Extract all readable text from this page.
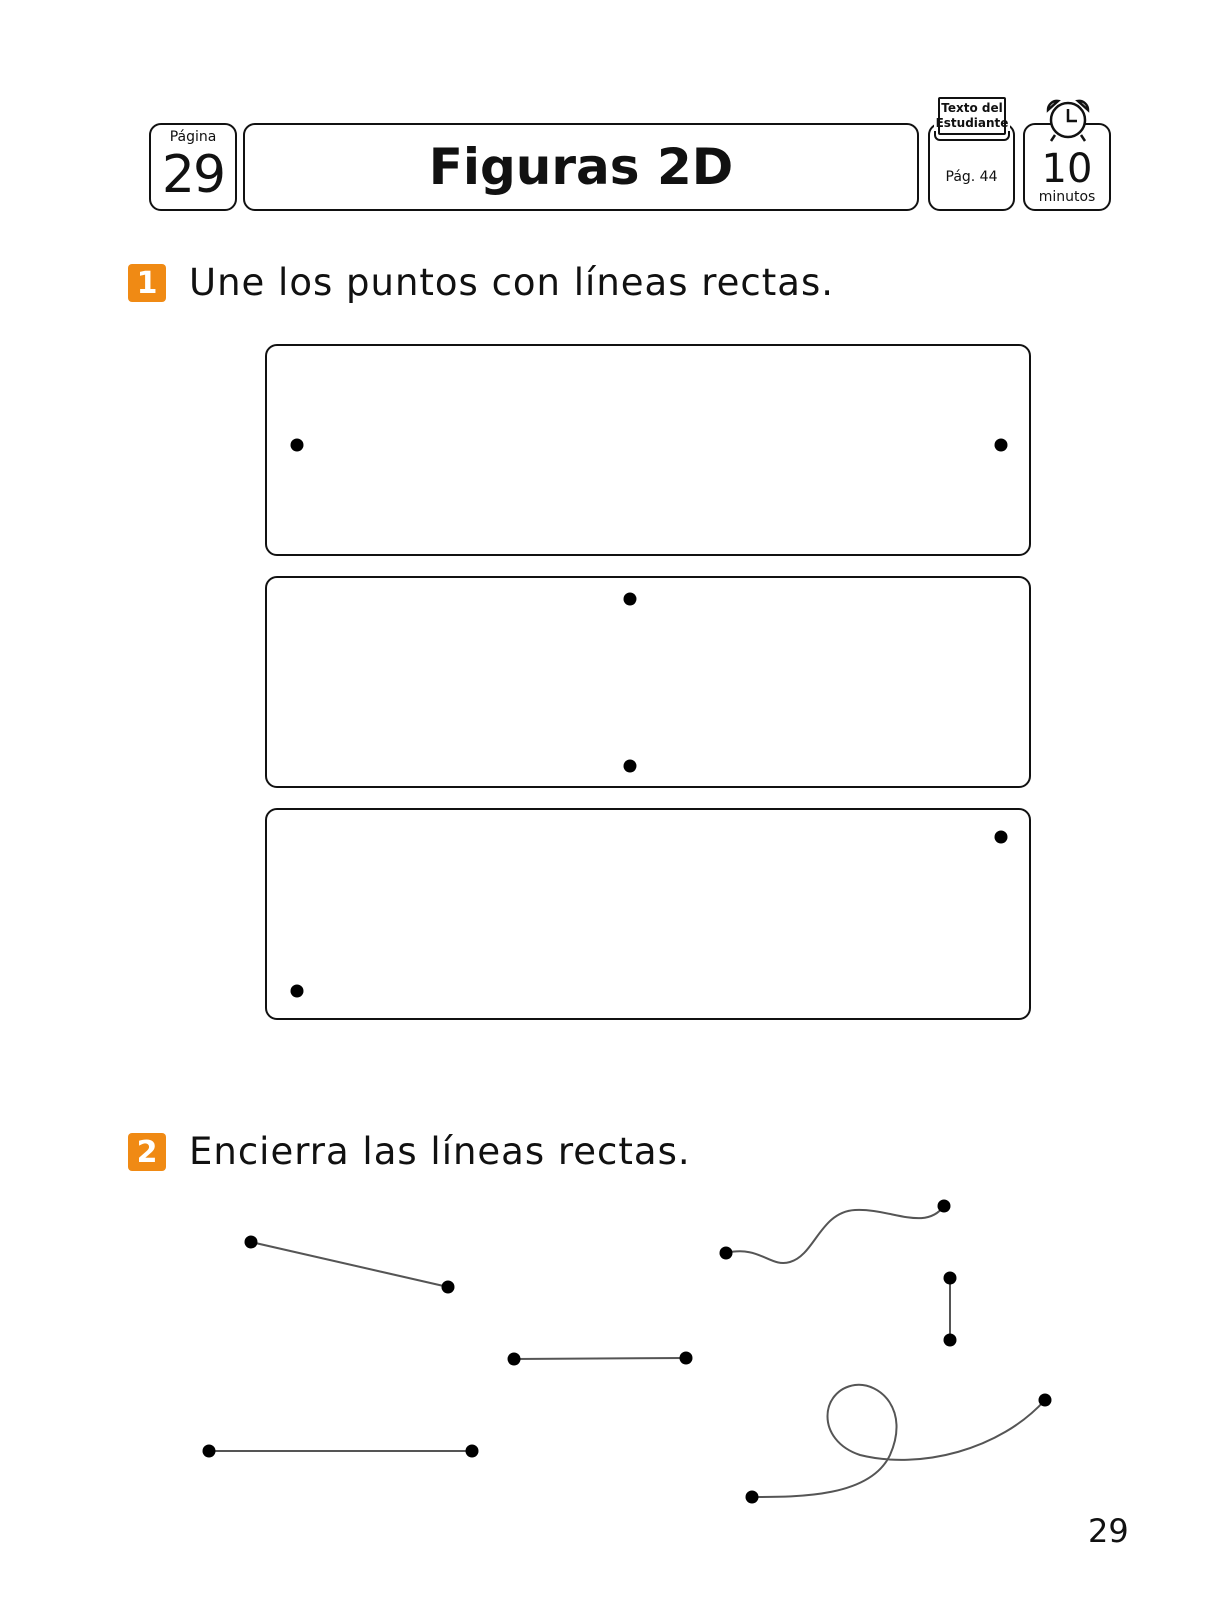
Página
29	Figuras 2D	Pág. 44
Texto del
Estudiante
10
minutos
1 Une los puntos con líneas rectas.
2 Encierra las líneas rectas.
29
